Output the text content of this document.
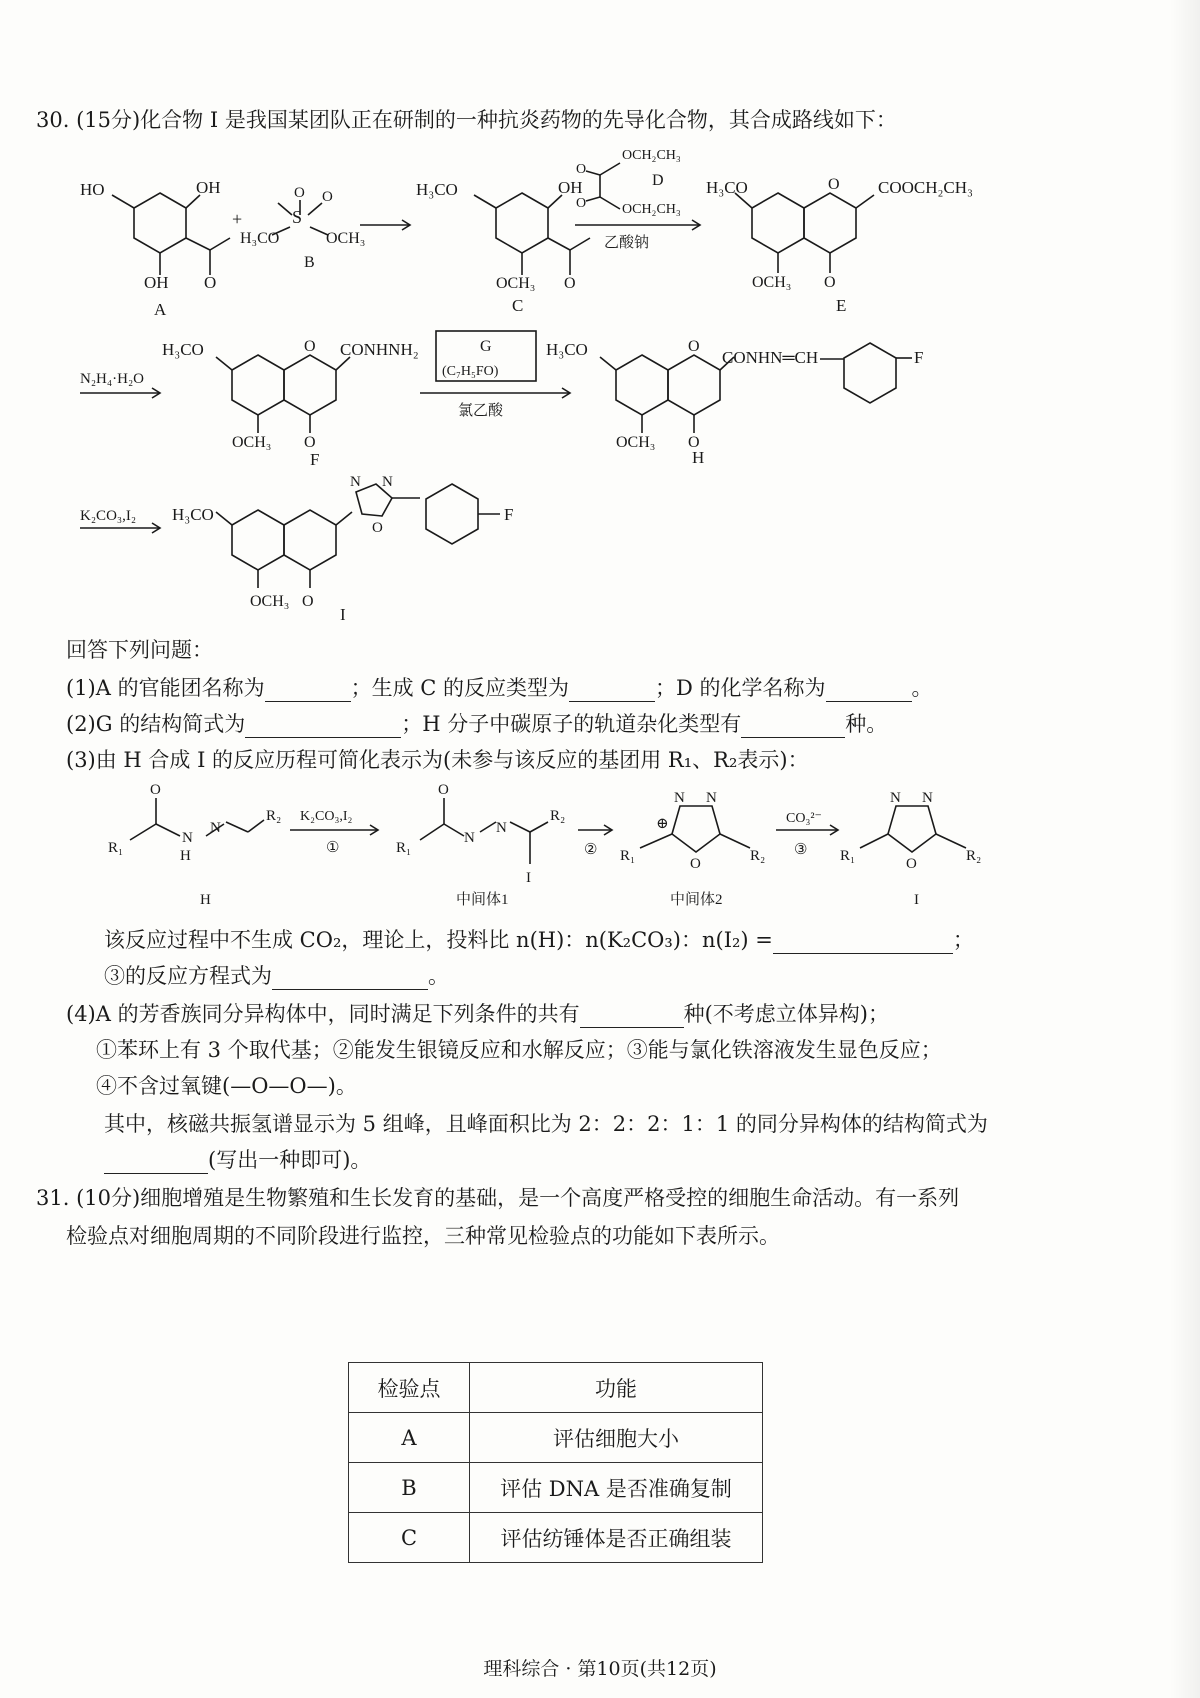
30. (15分)化合物 I 是我国某团队正在研制的一种抗炎药物的先导化合物，其合成路线如下：
HO	OH
OH O
A
+	S
O O
H₃CO	OCH₃
B
H₃CO	OH
OCH₃ O
C
O
OCH₂CH₃
O	OCH₂CH₃
D
乙酸钠
H₃CO	O COOCH₂CH₃
OCH₃ O
E
N₂H₄·H₂O
H₃CO	O CONHNH₂
OCH₃ O
F
G
(C₇H₅FO)
氯乙酸
H₃CO	O
CONHN═CH	F
OCH₃ O
H
K₂CO₃,I₂ H₃CO
N N
O
F
OCH₃ O
I
回答下列问题：
(1)A 的官能团名称为	；生成 C 的反应类型为	；D 的化学名称为	。
(2)G 的结构简式为	；H 分子中碳原子的轨道杂化类型有	种。
(3)由 H 合成 I 的反应历程可简化表示为(未参与该反应的基团用 R₁、R₂表示)：
O
R₁
N
N
H
R₂
H
K₂CO₃,I₂
①
O
R₁
N
N
R₂
I
中间体1
②
N N
⊕
O
R₁	R₂
中间体2
CO₃²⁻
③
N N
O
R₁	R₂
I
该反应过程中不生成 CO₂，理论上，投料比 n(H)：n(K₂CO₃)：n(I₂) =	；
③的反应方程式为	。
(4)A 的芳香族同分异构体中，同时满足下列条件的共有	种(不考虑立体异构)；
①苯环上有 3 个取代基；②能发生银镜反应和水解反应；③能与氯化铁溶液发生显色反应；
④不含过氧键(—O—O—)。
其中，核磁共振氢谱显示为 5 组峰，且峰面积比为 2：2：2：1：1 的同分异构体的结构简式为
(写出一种即可)。
31. (10分)细胞增殖是生物繁殖和生长发育的基础，是一个高度严格受控的细胞生命活动。有一系列
检验点对细胞周期的不同阶段进行监控，三种常见检验点的功能如下表所示。
检验点	功能
A	评估细胞大小
B	评估 DNA 是否准确复制
C	评估纺锤体是否正确组装
理科综合 · 第10页(共12页)
